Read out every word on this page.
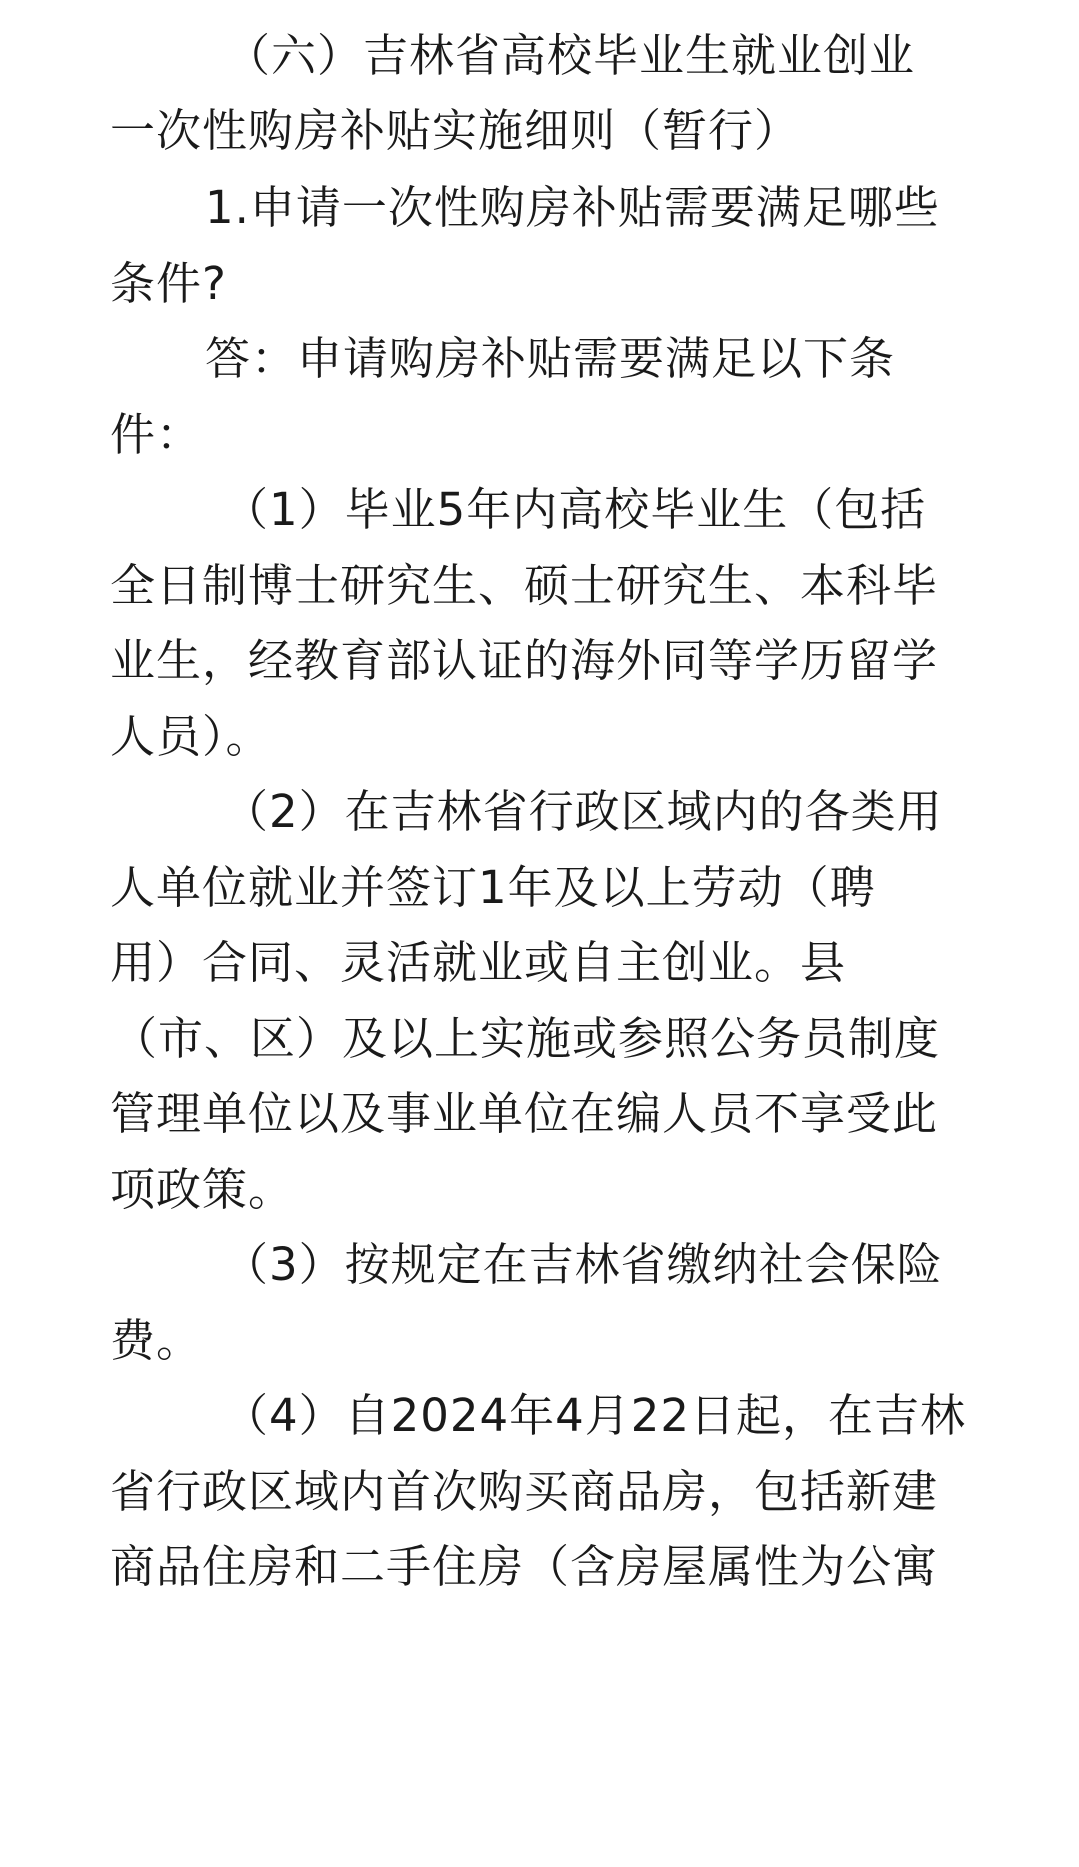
（六）吉林省高校毕业生就业创业
一次性购房补贴实施细则（暂行）
1.申请一次性购房补贴需要满足哪些
条件?
答：申请购房补贴需要满足以下条
件：
（1）毕业5年内高校毕业生（包括
全日制博士研究生、硕士研究生、本科毕
业生，经教育部认证的海外同等学历留学
人员）。
（2）在吉林省行政区域内的各类用
人单位就业并签订1年及以上劳动（聘
用）合同、灵活就业或自主创业。县
（市、区）及以上实施或参照公务员制度
管理单位以及事业单位在编人员不享受此
项政策。
（3）按规定在吉林省缴纳社会保险
费。
（4）自2024年4月22日起，在吉林
省行政区域内首次购买商品房，包括新建
商品住房和二手住房（含房屋属性为公寓
